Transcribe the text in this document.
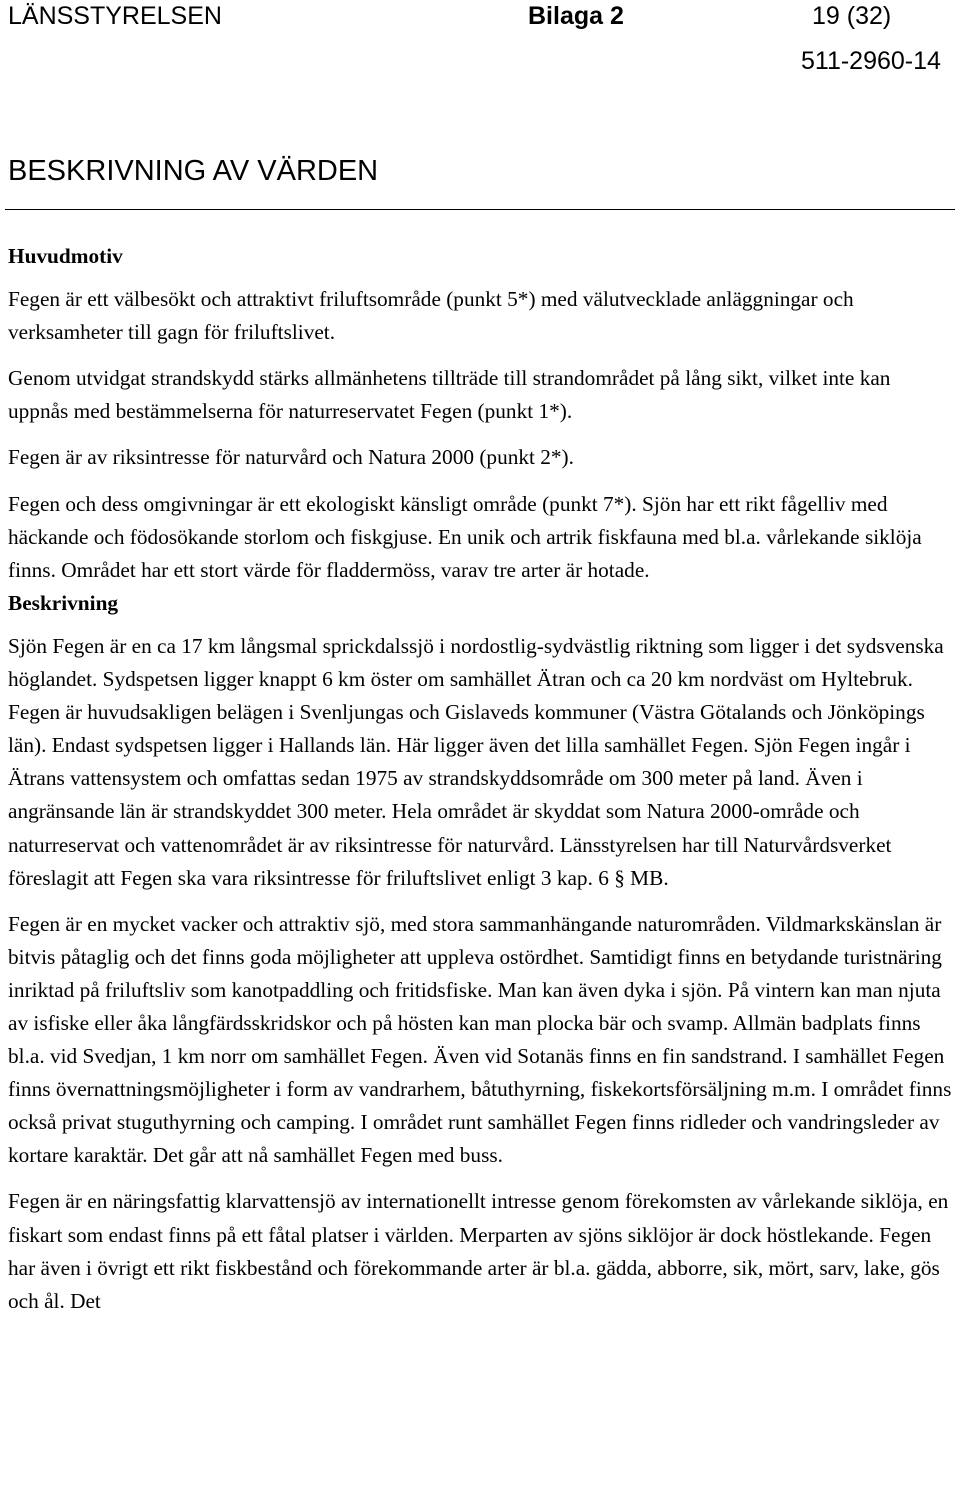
LÄNSSTYRELSEN	Bilaga 2	19 (32)
511-2960-14
BESKRIVNING AV VÄRDEN
Huvudmotiv

Fegen är ett välbesökt och attraktivt friluftsområde (punkt 5*) med välutvecklade anläggningar och verksamheter till gagn för friluftslivet.

Genom utvidgat strandskydd stärks allmänhetens tillträde till strandområdet på lång sikt, vilket inte kan uppnås med bestämmelserna för naturreservatet Fegen (punkt 1*).

Fegen är av riksintresse för naturvård och Natura 2000 (punkt 2*).

Fegen och dess omgivningar är ett ekologiskt känsligt område (punkt 7*). Sjön har ett rikt fågelliv med häckande och födosökande storlom och fiskgjuse. En unik och artrik fiskfauna med bl.a. vårlekande siklöja finns. Området har ett stort värde för fladdermöss, varav tre arter är hotade.

Beskrivning

Sjön Fegen är en ca 17 km långsmal sprickdalssjö i nordostlig-sydvästlig riktning som ligger i det sydsvenska höglandet. Sydspetsen ligger knappt 6 km öster om samhället Ätran och ca 20 km nordväst om Hyltebruk. Fegen är huvudsakligen belägen i Svenljungas och Gislaveds kommuner (Västra Götalands och Jönköpings län). Endast sydspetsen ligger i Hallands län. Här ligger även det lilla samhället Fegen. Sjön Fegen ingår i Ätrans vattensystem och omfattas sedan 1975 av strandskyddsområde om 300 meter på land. Även i angränsande län är strandskyddet 300 meter. Hela området är skyddat som Natura 2000-område och naturreservat och vattenområdet är av riksintresse för naturvård. Länsstyrelsen har till Naturvårdsverket föreslagit att Fegen ska vara riksintresse för friluftslivet enligt 3 kap. 6 § MB.

Fegen är en mycket vacker och attraktiv sjö, med stora sammanhängande naturområden. Vildmarkskänslan är bitvis påtaglig och det finns goda möjligheter att uppleva ostördhet. Samtidigt finns en betydande turistnäring inriktad på friluftsliv som kanotpaddling och fritidsfiske. Man kan även dyka i sjön. På vintern kan man njuta av isfiske eller åka långfärdsskridskor och på hösten kan man plocka bär och svamp. Allmän badplats finns bl.a. vid Svedjan, 1 km norr om samhället Fegen. Även vid Sotanäs finns en fin sandstrand. I samhället Fegen finns övernattningsmöjligheter i form av vandrarhem, båtuthyrning, fiskekortsförsäljning m.m. I området finns också privat stuguthyrning och camping. I området runt samhället Fegen finns ridleder och vandringsleder av kortare karaktär. Det går att nå samhället Fegen med buss.

Fegen är en näringsfattig klarvattensjö av internationellt intresse genom förekomsten av vårlekande siklöja, en fiskart som endast finns på ett fåtal platser i världen. Merparten av sjöns siklöjor är dock höstlekande. Fegen har även i övrigt ett rikt fiskbestånd och förekommande arter är bl.a. gädda, abborre, sik, mört, sarv, lake, gös och ål. Det
